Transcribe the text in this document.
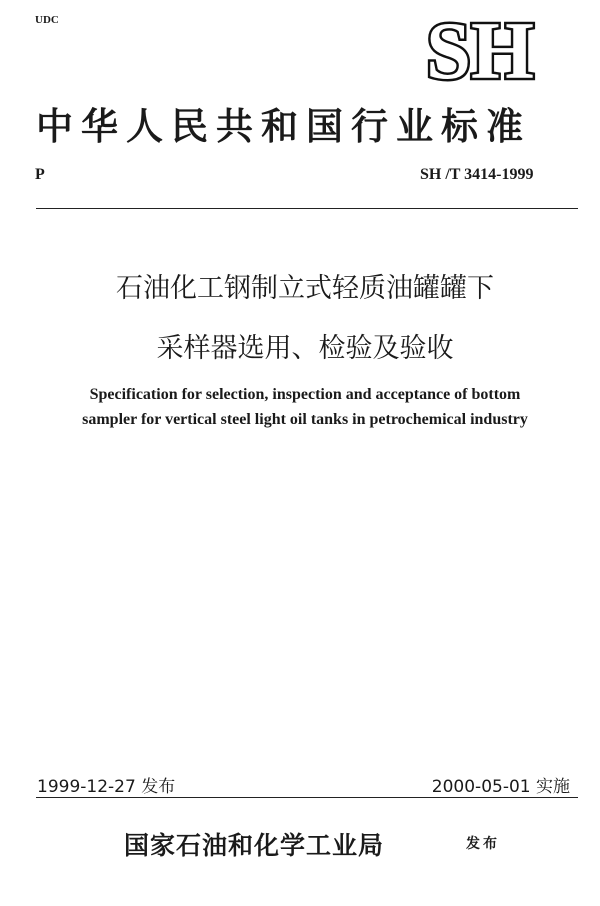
UDC	SH
中华人民共和国行业标准
P	SH /T 3414-1999
石油化工钢制立式轻质油罐罐下
采样器选用、检验及验收
Specification for selection, inspection and acceptance of bottom
sampler for vertical steel light oil tanks in petrochemical industry
1999-12-27 发布	2000-05-01 实施
国家石油和化学工业局	发布
